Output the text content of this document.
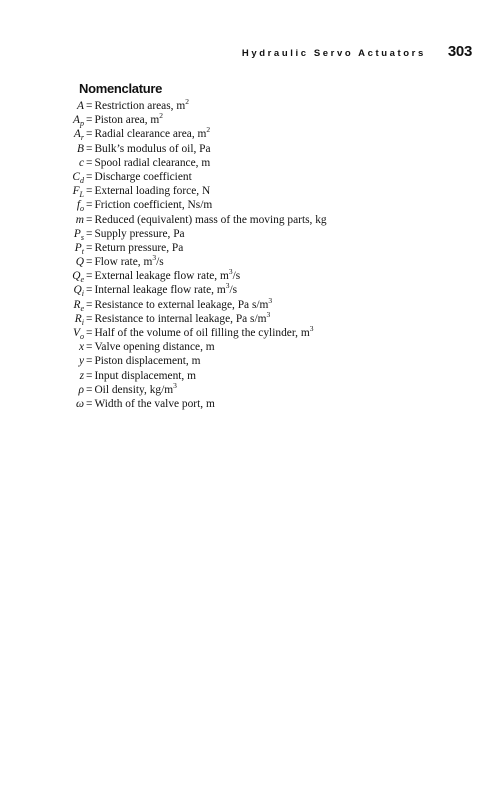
Hydraulic Servo Actuators 303
Nomenclature
A = Restriction areas, $m^2$
$A_p$ = Piston area, $m^2$
$A_r$ = Radial clearance area, $m^2$
B = Bulk’s modulus of oil, Pa
c = Spool radial clearance, m
$C_d$ = Discharge coefficient
$F_L$ = External loading force, N
$f_o$ = Friction coefficient, Ns/m
m = Reduced (equivalent) mass of the moving parts, kg
$P_s$ = Supply pressure, Pa
$P_t$ = Return pressure, Pa
Q = Flow rate, $m^3/s$
$Q_e$ = External leakage flow rate, $m^3/s$
$Q_i$ = Internal leakage flow rate, $m^3/s$
$R_e$ = Resistance to external leakage, Pa $s/m^3$
$R_i$ = Resistance to internal leakage, Pa $s/m^3$
$V_o$ = Half of the volume of oil filling the cylinder, $m^3$
x = Valve opening distance, m
y = Piston displacement, m
z = Input displacement, m
ρ = Oil density, $kg/m^3$
ω = Width of the valve port, m
